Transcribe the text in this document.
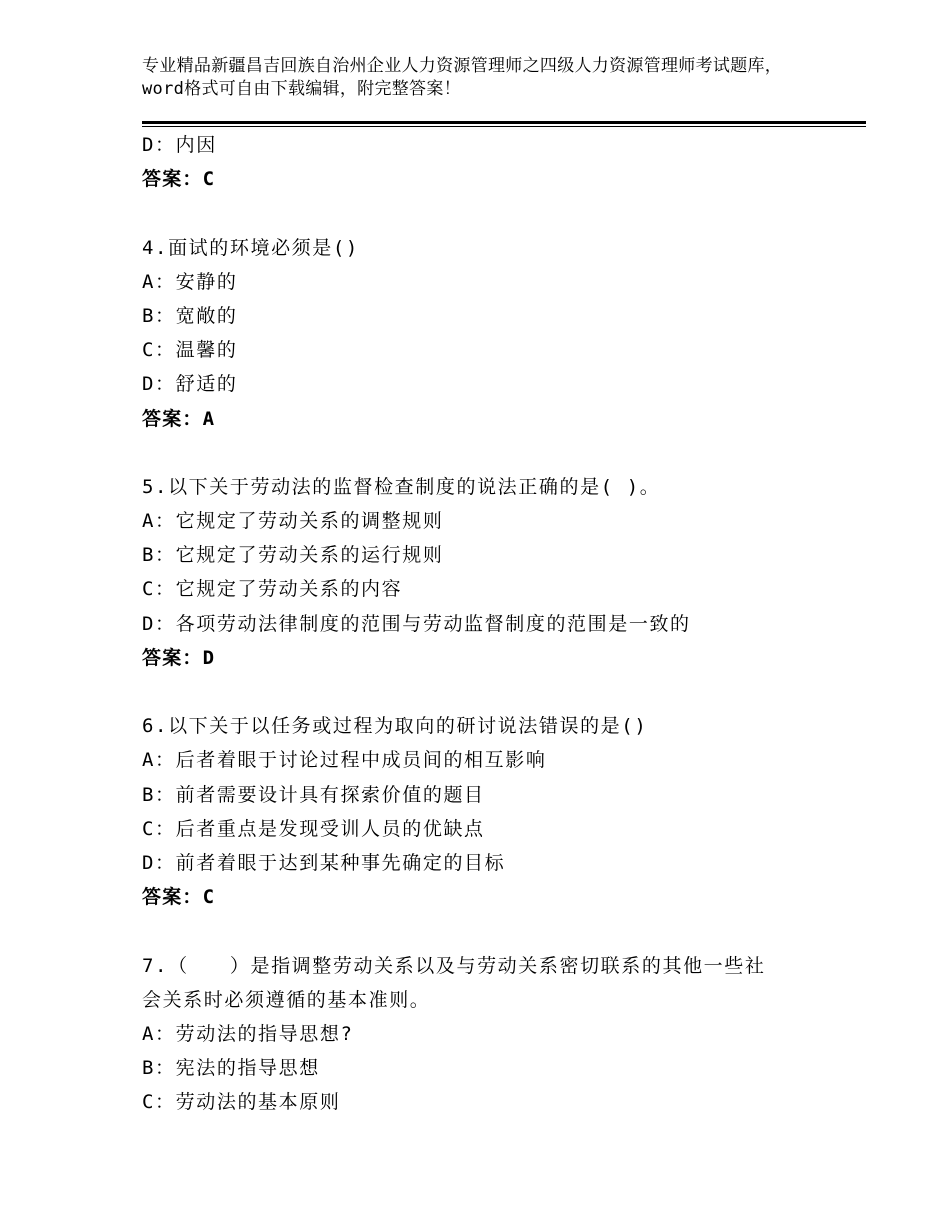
专业精品新疆昌吉回族自治州企业人力资源管理师之四级人力资源管理师考试题库，word格式可自由下载编辑，附完整答案！
D：内因
答案：C
4.面试的环境必须是()
A：安静的
B：宽敞的
C：温馨的
D：舒适的
答案：A
5.以下关于劳动法的监督检查制度的说法正确的是( )。
A：它规定了劳动关系的调整规则
B：它规定了劳动关系的运行规则
C：它规定了劳动关系的内容
D：各项劳动法律制度的范围与劳动监督制度的范围是一致的
答案：D
6.以下关于以任务或过程为取向的研讨说法错误的是()
A：后者着眼于讨论过程中成员间的相互影响
B：前者需要设计具有探索价值的题目
C：后者重点是发现受训人员的优缺点
D：前者着眼于达到某种事先确定的目标
答案：C
7.（　　）是指调整劳动关系以及与劳动关系密切联系的其他一些社
会关系时必须遵循的基本准则。
A：劳动法的指导思想?
B：宪法的指导思想
C：劳动法的基本原则
